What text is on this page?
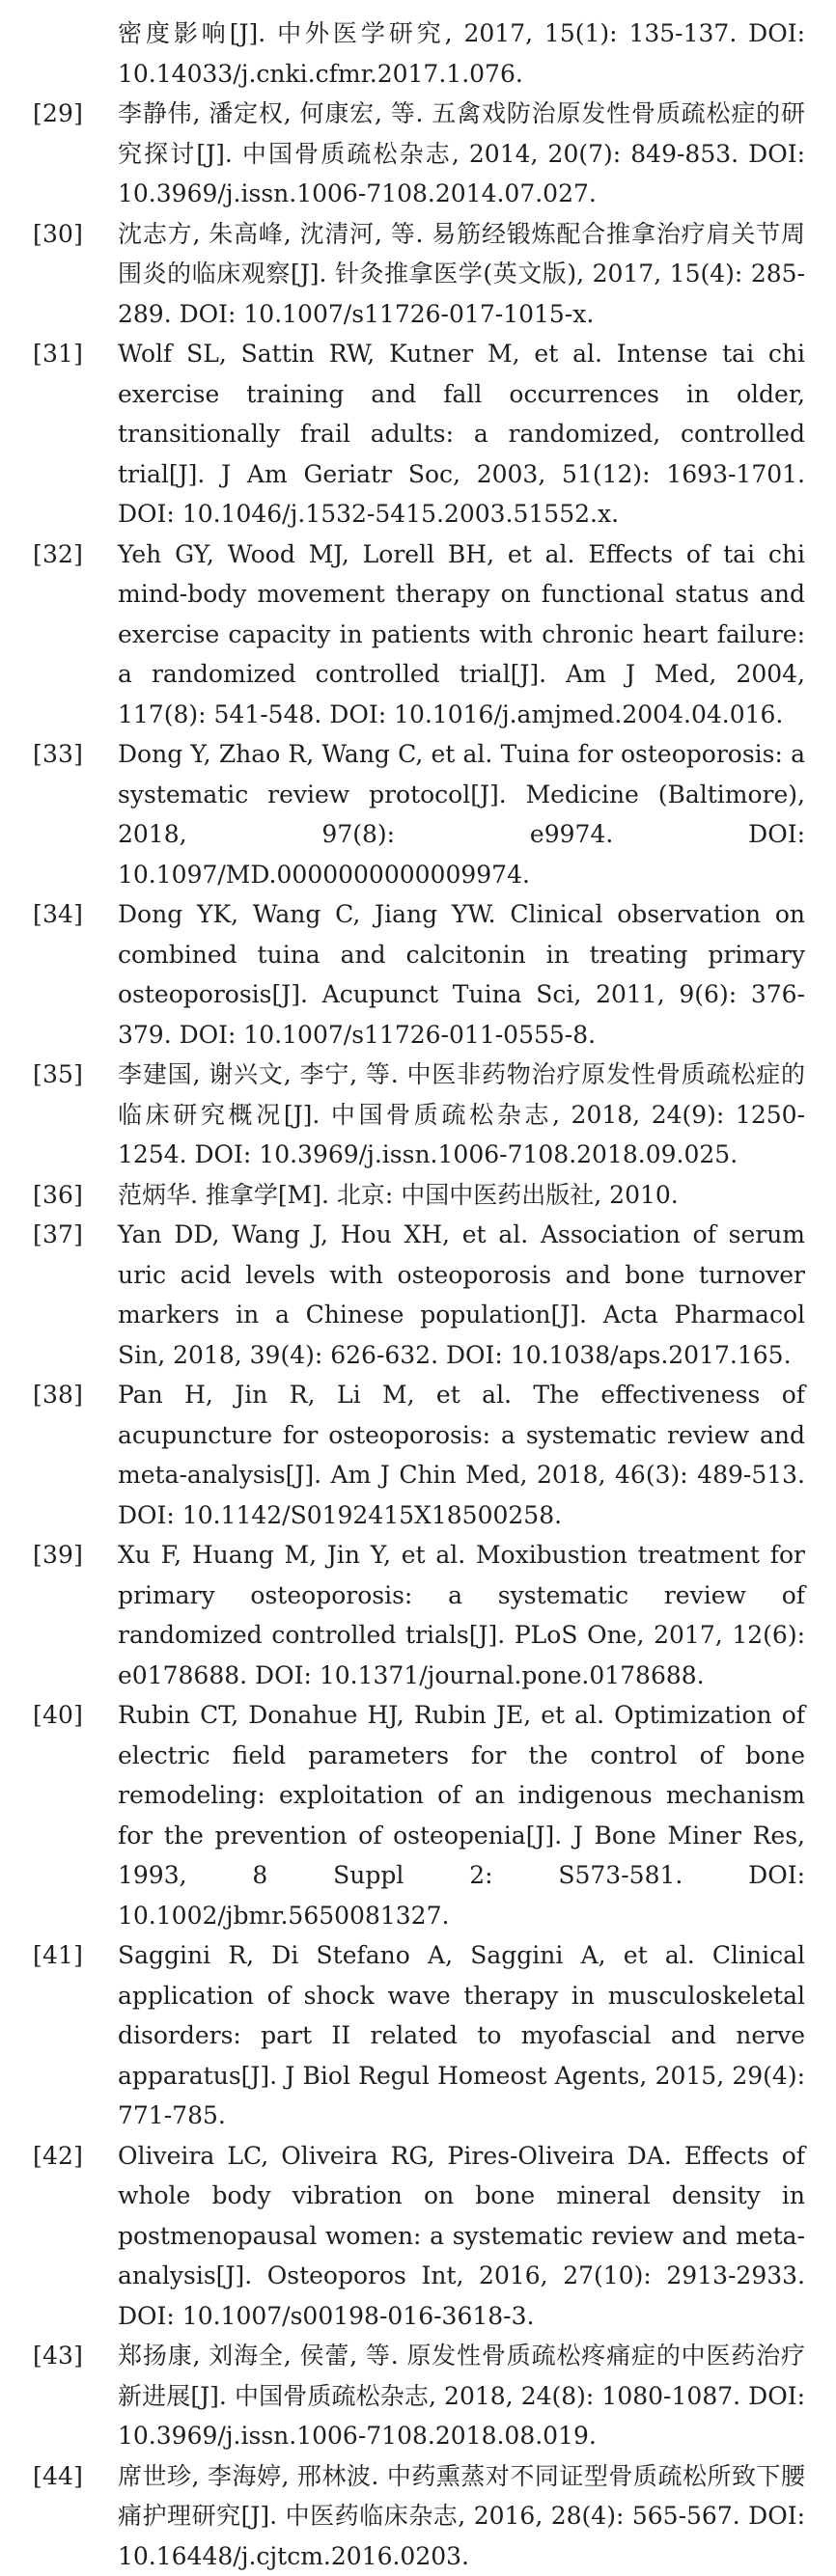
密度影响[J]. 中外医学研究, 2017, 15(1): 135-137. DOI: 10.14033/j.cnki.cfmr.2017.1.076.
[29]	李静伟, 潘定权, 何康宏, 等. 五禽戏防治原发性骨质疏松症的研究探讨[J]. 中国骨质疏松杂志, 2014, 20(7): 849-853. DOI: 10.3969/j.issn.1006-7108.2014.07.027.
[30]	沈志方, 朱高峰, 沈清河, 等. 易筋经锻炼配合推拿治疗肩关节周围炎的临床观察[J]. 针灸推拿医学(英文版), 2017, 15(4): 285-289. DOI: 10.1007/s11726-017-1015-x.
[31]	Wolf SL, Sattin RW, Kutner M, et al. Intense tai chi exercise training and fall occurrences in older, transitionally frail adults: a randomized, controlled trial[J]. J Am Geriatr Soc, 2003, 51(12): 1693-1701. DOI: 10.1046/j.1532-5415.2003.51552.x.
[32]	Yeh GY, Wood MJ, Lorell BH, et al. Effects of tai chi mind-body movement therapy on functional status and exercise capacity in patients with chronic heart failure: a randomized controlled trial[J]. Am J Med, 2004, 117(8): 541-548. DOI: 10.1016/j.amjmed.2004.04.016.
[33]	Dong Y, Zhao R, Wang C, et al. Tuina for osteoporosis: a systematic review protocol[J]. Medicine (Baltimore), 2018, 97(8): e9974. DOI: 10.1097/MD.0000000000009974.
[34]	Dong YK, Wang C, Jiang YW. Clinical observation on combined tuina and calcitonin in treating primary osteoporosis[J]. Acupunct Tuina Sci, 2011, 9(6): 376-379. DOI: 10.1007/s11726-011-0555-8.
[35]	李建国, 谢兴文, 李宁, 等. 中医非药物治疗原发性骨质疏松症的临床研究概况[J]. 中国骨质疏松杂志, 2018, 24(9): 1250-1254. DOI: 10.3969/j.issn.1006-7108.2018.09.025.
[36]	范炳华. 推拿学[M]. 北京: 中国中医药出版社, 2010.
[37]	Yan DD, Wang J, Hou XH, et al. Association of serum uric acid levels with osteoporosis and bone turnover markers in a Chinese population[J]. Acta Pharmacol Sin, 2018, 39(4): 626-632. DOI: 10.1038/aps.2017.165.
[38]	Pan H, Jin R, Li M, et al. The effectiveness of acupuncture for osteoporosis: a systematic review and meta-analysis[J]. Am J Chin Med, 2018, 46(3): 489-513. DOI: 10.1142/S0192415X18500258.
[39]	Xu F, Huang M, Jin Y, et al. Moxibustion treatment for primary osteoporosis: a systematic review of randomized controlled trials[J]. PLoS One, 2017, 12(6): e0178688. DOI: 10.1371/journal.pone.0178688.
[40]	Rubin CT, Donahue HJ, Rubin JE, et al. Optimization of electric field parameters for the control of bone remodeling: exploitation of an indigenous mechanism for the prevention of osteopenia[J]. J Bone Miner Res, 1993, 8 Suppl 2: S573-581. DOI: 10.1002/jbmr.5650081327.
[41]	Saggini R, Di Stefano A, Saggini A, et al. Clinical application of shock wave therapy in musculoskeletal disorders: part II related to myofascial and nerve apparatus[J]. J Biol Regul Homeost Agents, 2015, 29(4): 771-785.
[42]	Oliveira LC, Oliveira RG, Pires-Oliveira DA. Effects of whole body vibration on bone mineral density in postmenopausal women: a systematic review and meta-analysis[J]. Osteoporos Int, 2016, 27(10): 2913-2933. DOI: 10.1007/s00198-016-3618-3.
[43]	郑扬康, 刘海全, 侯蕾, 等. 原发性骨质疏松疼痛症的中医药治疗新进展[J]. 中国骨质疏松杂志, 2018, 24(8): 1080-1087. DOI: 10.3969/j.issn.1006-7108.2018.08.019.
[44]	席世珍, 李海婷, 邢林波. 中药熏蒸对不同证型骨质疏松所致下腰痛护理研究[J]. 中医药临床杂志, 2016, 28(4): 565-567. DOI: 10.16448/j.cjtcm.2016.0203.
